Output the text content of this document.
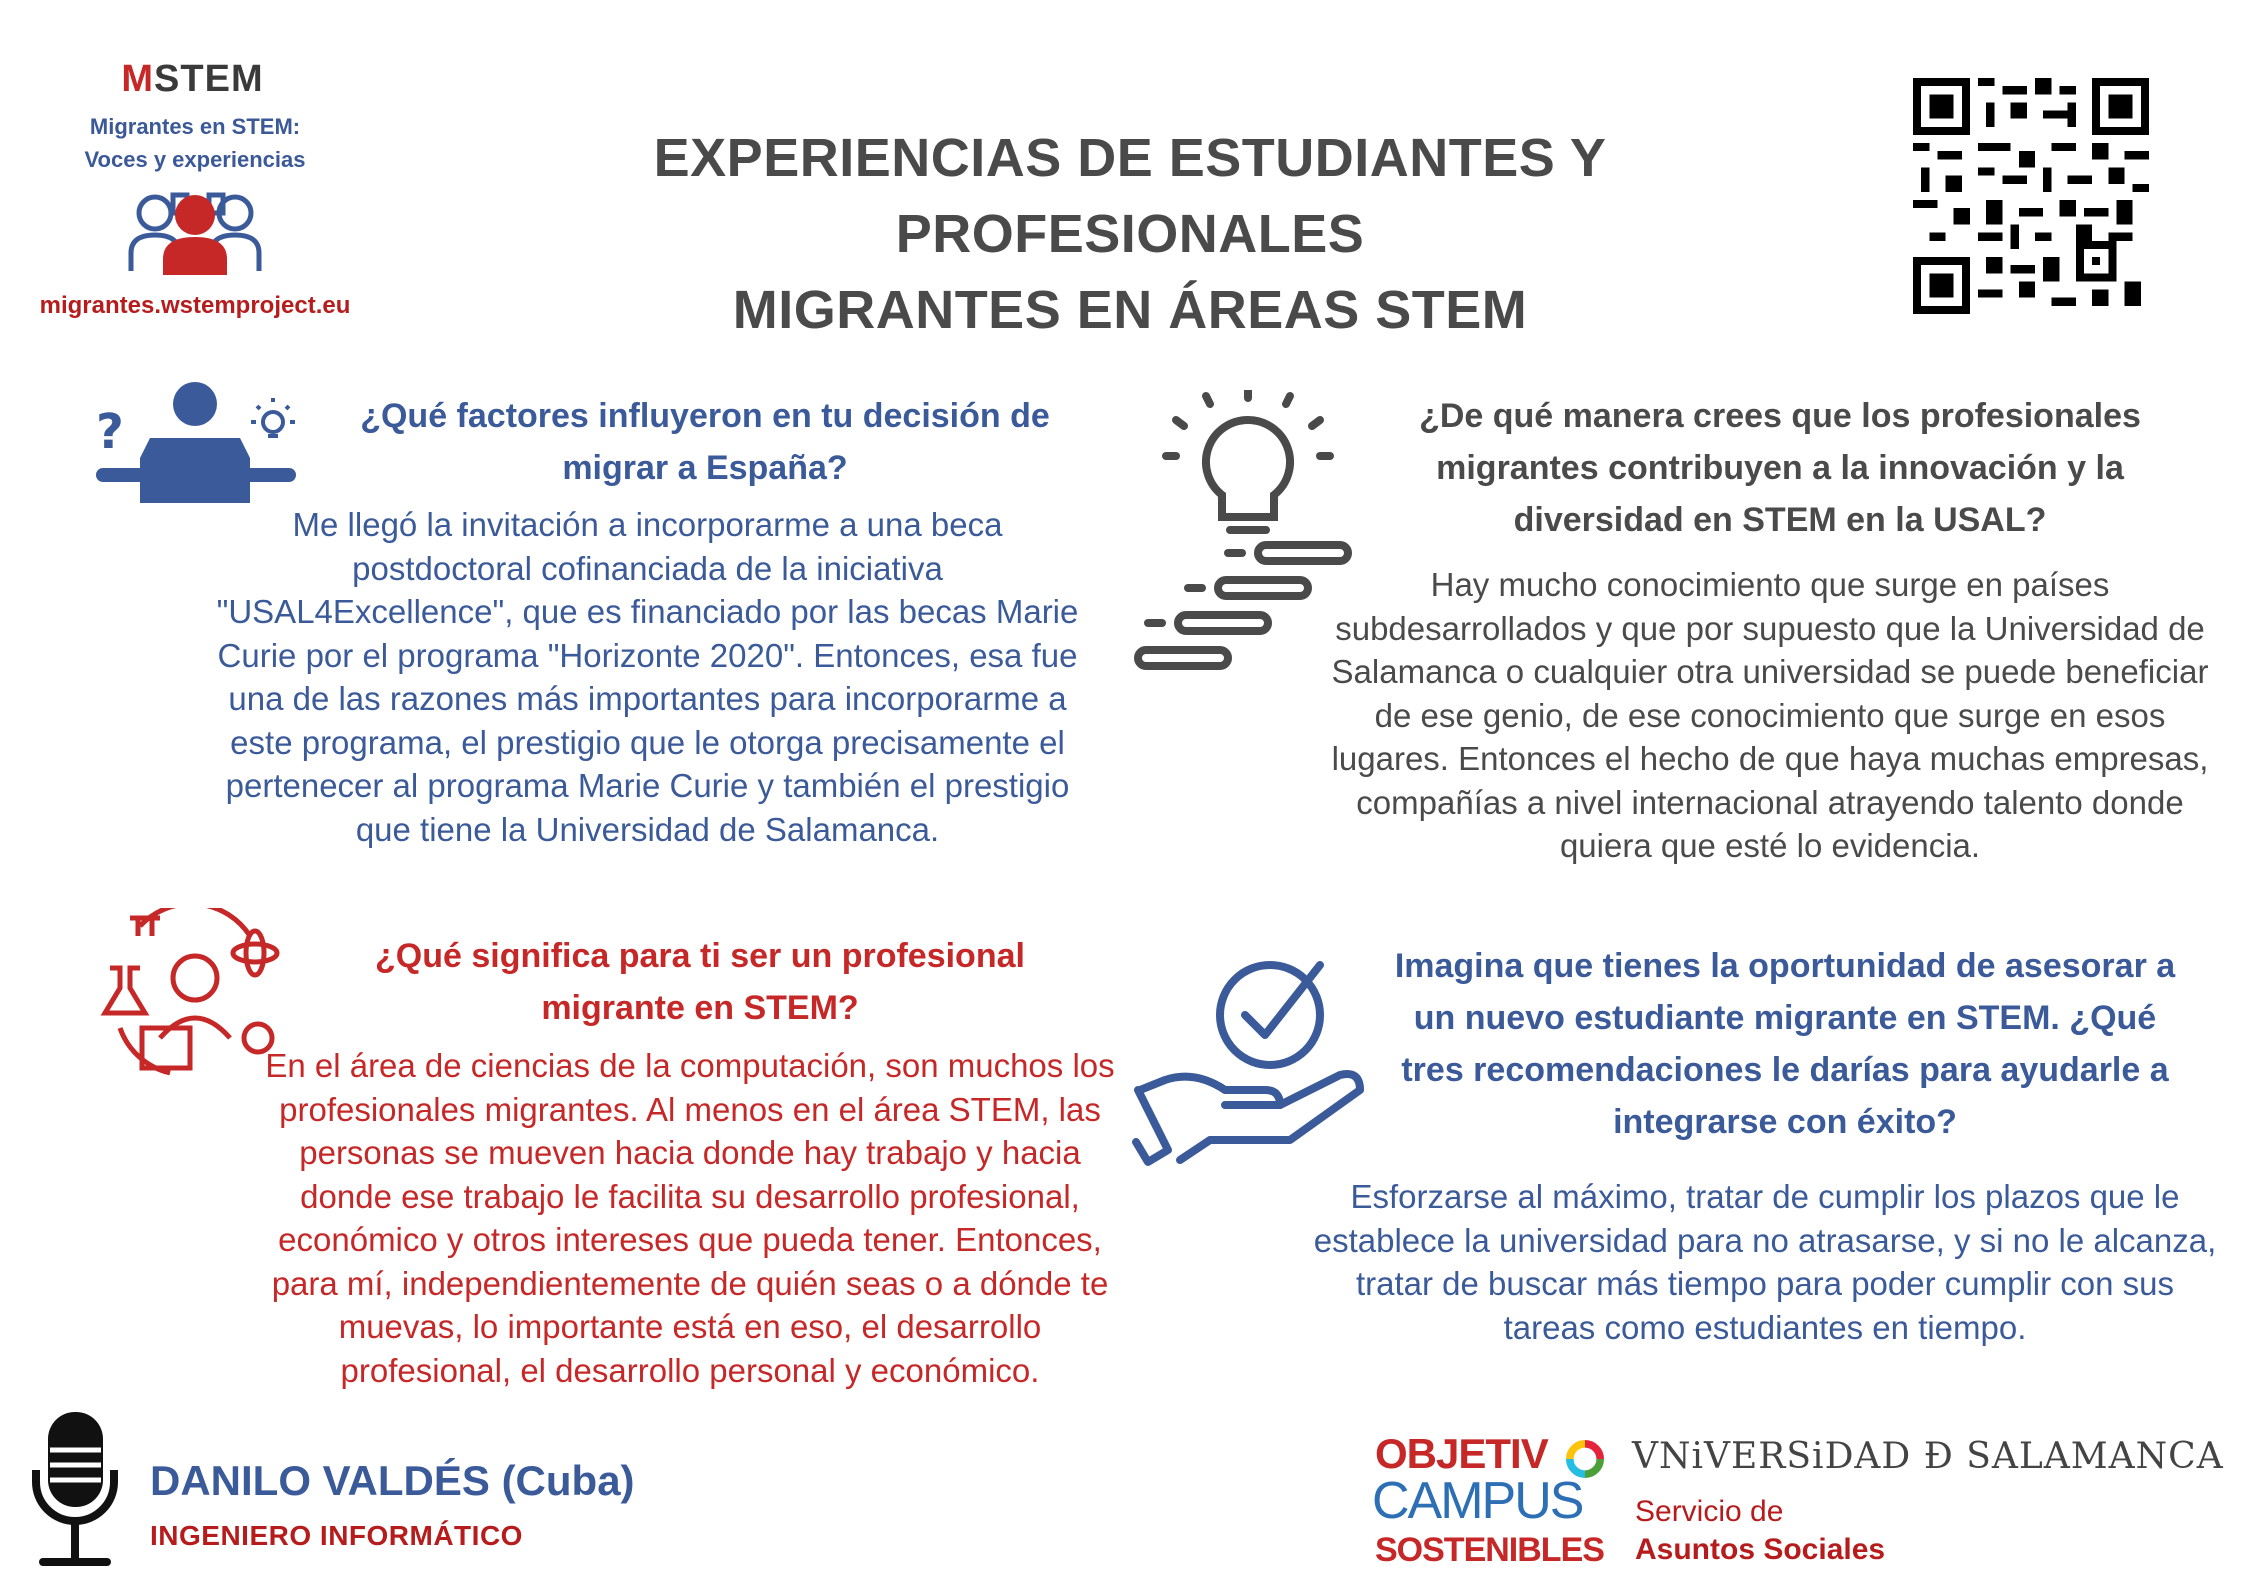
MSTEM
Migrantes en STEM:
Voces y experiencias
migrantes.wstemproject.eu
EXPERIENCIAS DE ESTUDIANTES Y PROFESIONALES
MIGRANTES EN ÁREAS STEM
?	¿Qué factores influyeron en tu decisión de migrar a España?
Me llegó la invitación a incorporarme a una beca postdoctoral cofinanciada de la iniciativa "USAL4Excellence", que es financiado por las becas Marie Curie por el programa "Horizonte 2020". Entonces, esa fue una de las razones más importantes para incorporarme a este programa, el prestigio que le otorga precisamente el pertenecer al programa Marie Curie y también el prestigio que tiene la Universidad de Salamanca.
¿Qué significa para ti ser un profesional migrante en STEM?
En el área de ciencias de la computación, son muchos los profesionales migrantes. Al menos en el área STEM, las personas se mueven hacia donde hay trabajo y hacia donde ese trabajo le facilita su desarrollo profesional, económico y otros intereses que pueda tener. Entonces, para mí, independientemente de quién seas o a dónde te muevas, lo importante está en eso, el desarrollo profesional, el desarrollo personal y económico.
¿De qué manera crees que los profesionales migrantes contribuyen a la innovación y la diversidad en STEM en la USAL?
Hay mucho conocimiento que surge en países subdesarrollados y que por supuesto que la Universidad de Salamanca o cualquier otra universidad se puede beneficiar de ese genio, de ese conocimiento que surge en esos lugares. Entonces el hecho de que haya muchas empresas, compañías a nivel internacional atrayendo talento donde quiera que esté lo evidencia.
Imagina que tienes la oportunidad de asesorar a un nuevo estudiante migrante en STEM. ¿Qué tres recomendaciones le darías para ayudarle a integrarse con éxito?
Esforzarse al máximo, tratar de cumplir los plazos que le establece la universidad para no atrasarse, y si no le alcanza, tratar de buscar más tiempo para poder cumplir con sus tareas como estudiantes en tiempo.
DANILO VALDÉS (Cuba)
INGENIERO INFORMÁTICO
OBJETIV
CAMPUS
SOSTENIBLES
VNiVERSiDAD Ð SALAMANCA
Servicio de
Asuntos Sociales
